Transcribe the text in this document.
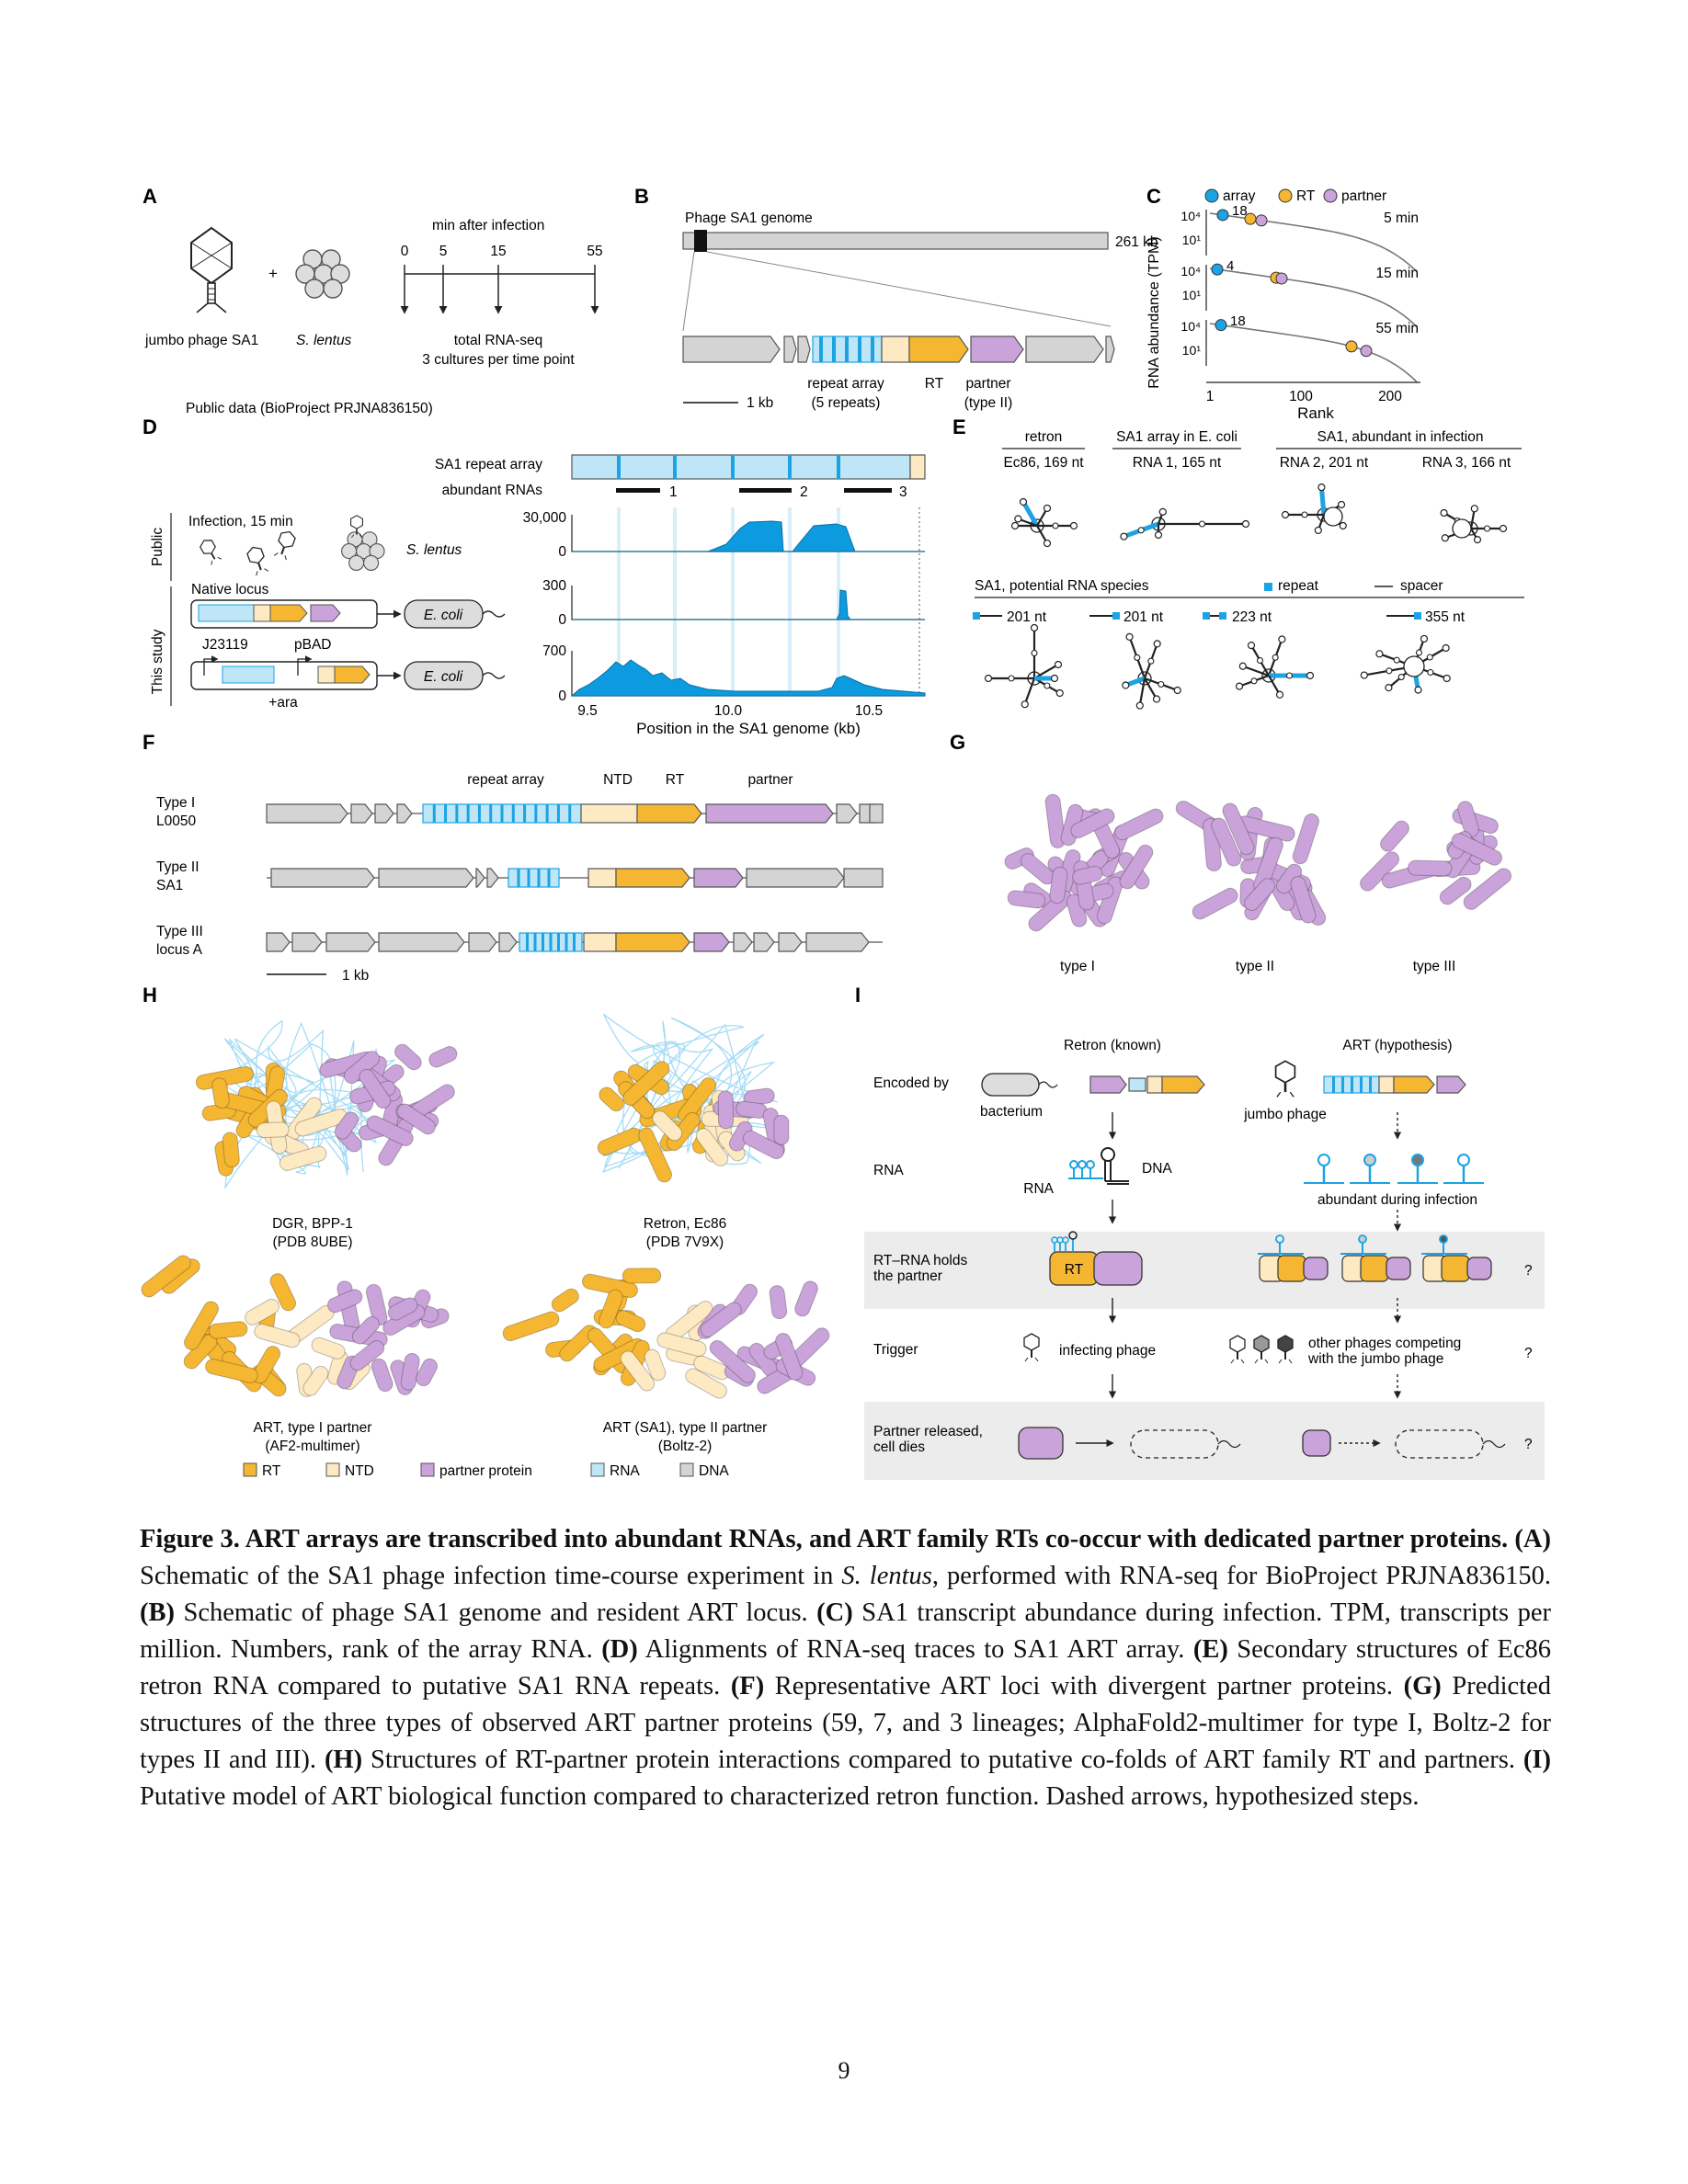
A
+
jumbo phage SA1	S. lentus
min after infection
0 5	15	55
total RNA-seq
3 cultures per time point
Public data (BioProject PRJNA836150)
B
Phage SA1 genome
261 kb
repeat array
(5 repeats)
RT partner
(type II)
1 kb
C	array	RT partner
RNA abundance (TPM)
10⁴
10¹
18	5 min
10⁴
10¹
4	15 min
10⁴
10¹
18	55 min
1	100	200
Rank
D
SA1 repeat array
abundant RNAs	1	2	3
Public
This study
Infection, 15 min
S. lentus
Native locus
E. coli
J23119	pBAD
E. coli
+ara
30,000
0
300
0
700
0
9.5	10.0	10.5
Position in the SA1 genome (kb)
E	retron	SA1 array in E. coli	SA1, abundant in infection
Ec86, 169 nt	RNA 1, 165 nt	RNA 2, 201 nt	RNA 3, 166 nt
SA1, potential RNA species	repeat	spacer
201 nt	201 nt	223 nt	355 nt
F
repeat array	NTD RT	partner
Type I
L0050
Type II
SA1
Type III
locus A
1 kb
G
type I	type II	type III
H
DGR, BPP-1
(PDB 8UBE)
Retron, Ec86
(PDB 7V9X)
ART, type I partner
(AF2-multimer)
ART (SA1), type II partner
(Boltz-2)
RT	NTD	partner protein	RNA	DNA
I
Retron (known)	ART (hypothesis)
Encoded by
RNA
RT–RNA holds
the partner
Trigger
Partner released,
cell dies
bacterium	jumbo phage
RNA
DNA
abundant during infection
RT	?
infecting phage	other phages competing
with the jumbo phage	?
?
Figure 3. ART arrays are transcribed into abundant RNAs, and ART family RTs co-occur with dedicated partner proteins. (A) Schematic of the SA1 phage infection time-course experiment in S. lentus, performed with RNA-seq for BioProject PRJNA836150. (B) Schematic of phage SA1 genome and resident ART locus. (C) SA1 transcript abundance during infection. TPM, transcripts per million. Numbers, rank of the array RNA. (D) Alignments of RNA-seq traces to SA1 ART array. (E) Secondary structures of Ec86 retron RNA compared to putative SA1 RNA repeats. (F) Representative ART loci with divergent partner proteins. (G) Predicted structures of the three types of observed ART partner proteins (59, 7, and 3 lineages; AlphaFold2-multimer for type I, Boltz-2 for types II and III). (H) Structures of RT-partner protein interactions compared to putative co-folds of ART family RT and partners. (I) Putative model of ART biological function compared to characterized retron function. Dashed arrows, hypothesized steps.
9
